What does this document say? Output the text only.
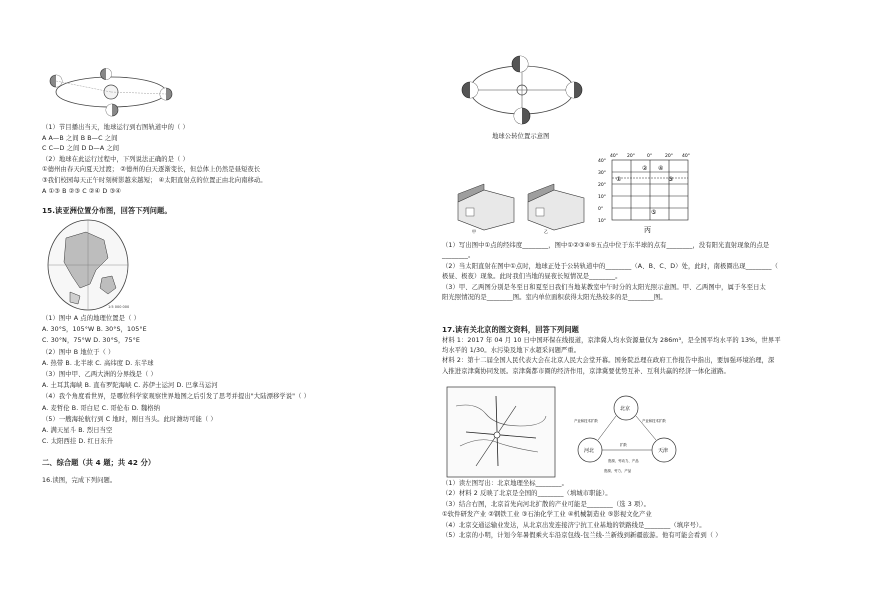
（1）节目播出当天，地球运行到右图轨道中的（ ）
A A—B 之间 B B—C 之间
C C—D 之间 D D—A 之间
（2）地球在此运行过程中，下列说法正确的是（ ）
①德州由春天向夏天过渡； ②德州的白天逐渐变长，但总体上仍然是昼短夜长
③我们校园每天正午时刻树影越来越短； ④太阳直射点的位置正由北向南移动。
A ①③ B ②③ C ②④ D ③④
15.读亚洲位置分布图，回答下列问题。
1:5 000 000
（1）图中 A 点的地理位置是（ ）
A. 30°S，105°W B. 30°S，105°E
C. 30°N，75°W D. 30°S，75°E
（2）图中 B 地位于（ ）
A. 热带 B. 北半球 C. 高纬度 D. 东半球
（3）图中甲、乙两大洲的分界线是（ ）
A. 土耳其海峡 B. 直布罗陀海峡 C. 苏伊士运河 D. 巴拿马运河
（4）我个角度看世界，是哪位科学家观察世界地图之后引发了思考并提出"大陆漂移学说"（ ）
A. 麦哲伦 B. 哥白尼 C. 哥伦布 D. 魏格纳
（5）一艘海轮航行到 C 地时，刚日当头。此时潍坊可能（ ）
A. 满天星斗 B. 烈日当空
C. 太阳西挂 D. 红日东升
二、综合题（共 4 题；共 42 分）
16.读图，完成下列问题。
地球公转位置示意图
甲	乙
40° 20°	0°	20° 40°
40°
30°
20°
10°
0°
10°
①
②
③
④
⑤
丙
（1）写出图中①点的经纬度________，图中①②③④⑤五点中位于东半球的点有________，没有阳光直射现象的点是
________。
（2）当太阳直射在图中①点时，地球正处于公转轨道中的________（A、B、C、D）处，此时，南极圈出现________（
极昼、极夜）现象。此时我们当地的昼夜长短情况是________。
（3）甲、乙两图分别是冬至日和夏至日我们当地某教室中午时分的太阳光照示意图。甲、乙两图中，属于冬至日太
阳光照情况的是________图。室内单位面积获得太阳光热较多的是________图。
17.读有关北京的图文资料，回答下列问题
材料 1：2017 年 04 月 10 日中国环保在线报道，京津冀人均水资源量仅为 286m³，是全国平均水平的 13%，世界平
均水平的 1/30。水污染及地下水超采问题严重。
材料 2：第十二届全国人民代表大会在北京人民大会堂开幕。国务院总理在政府工作报告中指出，要加强环境治理，深
入推进京津冀协同发展。京津冀都市圈的经济作用，京津冀要优势互补、互利共赢的经济一体化道路。
北京
河北	天津
产业和技术扩散	产业和技术扩散
扩散
资源、劳动力、产品
资源、劳力、产品
（1）读左图写出：北京地理坐标________。
（2）材料 2 反映了北京是全国的________（填城市职能）。
（3）结合右图，北京首先向河北扩散的产业可能是________（选 3 项）。
①软件研发产业 ②钢铁工业 ③石油化学工业 ④机械制造业 ⑤影视文化产业
（4）北京交通运输业发达，从北京出发连接济宁抗工业基地的铁路线是________（填序号）。
（5）北京的小明，计划今年暑假乘火车沿京包线-包兰线-兰新线到新疆旅游。他有可能会看到（ ）
